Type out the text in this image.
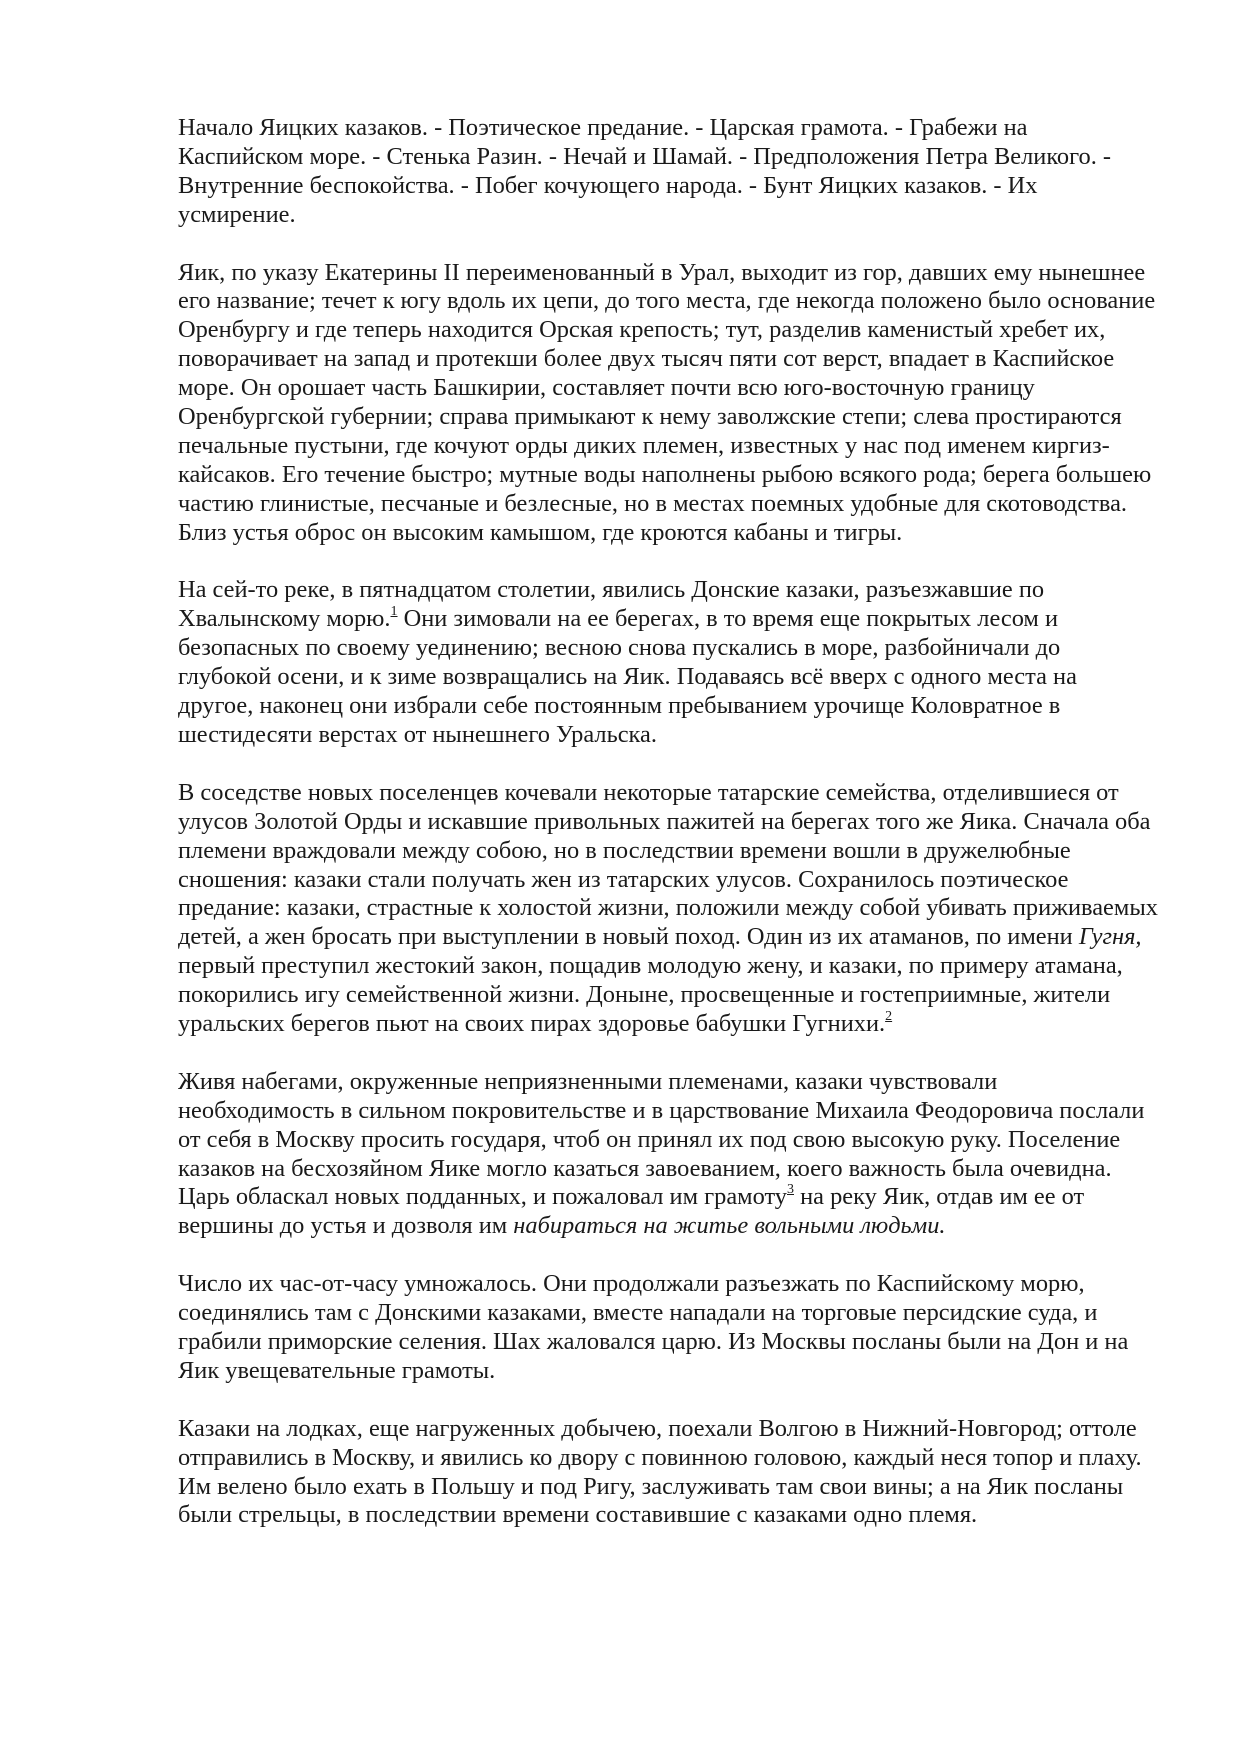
Начало Яицких казаков. - Поэтическое предание. - Царская грамота. - Грабежи на Каспийском море. - Стенька Разин. - Нечай и Шамай. - Предположения Петра Великого. - Внутренние беспокойства. - Побег кочующего народа. - Бунт Яицких казаков. - Их усмирение.

Яик, по указу Екатерины II переименованный в Урал, выходит из гор, давших ему нынешнее его название; течет к югу вдоль их цепи, до того места, где некогда положено было основание Оренбургу и где теперь находится Орская крепость; тут, разделив каменистый хребет их, поворачивает на запад и протекши более двух тысяч пяти сот верст, впадает в Каспийское море. Он орошает часть Башкирии, составляет почти всю юго-восточную границу Оренбургской губернии; справа примыкают к нему заволжские степи; слева простираются печальные пустыни, где кочуют орды диких племен, известных у нас под именем киргиз-кайсаков. Его течение быстро; мутные воды наполнены рыбою всякого рода; берега большею частию глинистые, песчаные и безлесные, но в местах поемных удобные для скотоводства. Близ устья оброс он высоким камышом, где кроются кабаны и тигры.

На сей-то реке, в пятнадцатом столетии, явились Донские казаки, разъезжавшие по Хвалынскому морю.$^1$ Они зимовали на ее берегах, в то время еще покрытых лесом и безопасных по своему уединению; весною снова пускались в море, разбойничали до глубокой осени, и к зиме возвращались на Яик. Подаваясь всё вверх с одного места на другое, наконец они избрали себе постоянным пребыванием урочище Коловратное в шестидесяти верстах от нынешнего Уральска.

В соседстве новых поселенцев кочевали некоторые татарские семейства, отделившиеся от улусов Золотой Орды и искавшие привольных пажитей на берегах того же Яика. Сначала оба племени враждовали между собою, но в последствии времени вошли в дружелюбные сношения: казаки стали получать жен из татарских улусов. Сохранилось поэтическое предание: казаки, страстные к холостой жизни, положили между собой убивать приживаемых детей, а жен бросать при выступлении в новый поход. Один из их атаманов, по имени Гугня, первый преступил жестокий закон, пощадив молодую жену, и казаки, по примеру атамана, покорились игу семейственной жизни. Доныне, просвещенные и гостеприимные, жители уральских берегов пьют на своих пирах здоровье бабушки Гугнихи.$^2$

Живя набегами, окруженные неприязненными племенами, казаки чувствовали необходимость в сильном покровительстве и в царствование Михаила Феодоровича послали от себя в Москву просить государя, чтоб он принял их под свою высокую руку. Поселение казаков на бесхозяйном Яике могло казаться завоеванием, коего важность была очевидна. Царь обласкал новых подданных, и пожаловал им грамоту$^3$ на реку Яик, отдав им ее от вершины до устья и дозволя им набираться на житье вольными людьми.

Число их час-от-часу умножалось. Они продолжали разъезжать по Каспийскому морю, соединялись там с Донскими казаками, вместе нападали на торговые персидские суда, и грабили приморские селения. Шах жаловался царю. Из Москвы посланы были на Дон и на Яик увещевательные грамоты.

Казаки на лодках, еще нагруженных добычею, поехали Волгою в Нижний-Новгород; оттоле отправились в Москву, и явились ко двору с повинною головою, каждый неся топор и плаху. Им велено было ехать в Польшу и под Ригу, заслуживать там свои вины; а на Яик посланы были стрельцы, в последствии времени составившие с казаками одно племя.
